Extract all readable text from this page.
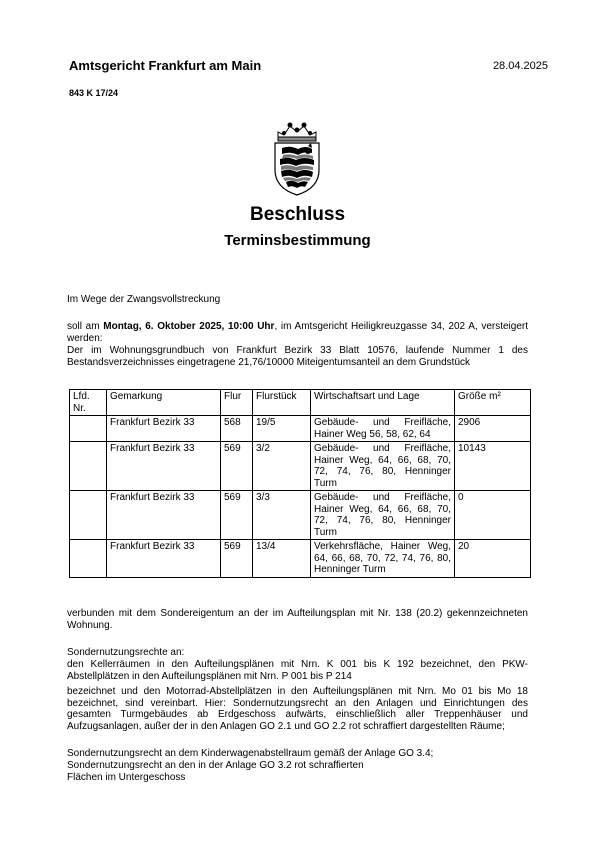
Amtsgericht Frankfurt am Main	28.04.2025
843 K 17/24
Beschluss
Terminsbestimmung
Im Wege der Zwangsvollstreckung
soll am Montag, 6. Oktober 2025, 10:00 Uhr, im Amtsgericht Heiligkreuzgasse 34, 202 A, versteigert werden:
Der im Wohnungsgrundbuch von Frankfurt Bezirk 33 Blatt 10576, laufende Nummer 1 des Bestandsverzeichnisses eingetragene 21,76/10000 Miteigentumsanteil an dem Grundstück
Lfd. Nr.	Gemarkung	Flur	Flurstück	Wirtschaftsart und Lage	Größe m²
	Frankfurt Bezirk 33	568	19/5	Gebäude- und Freifläche, Hainer Weg 56, 58, 62, 64	2906
	Frankfurt Bezirk 33	569	3/2	Gebäude- und Freifläche, Hainer Weg, 64, 66, 68, 70, 72, 74, 76, 80, Henninger Turm	10143
	Frankfurt Bezirk 33	569	3/3	Gebäude- und Freifläche, Hainer Weg, 64, 66, 68, 70, 72, 74, 76, 80, Henninger Turm	0
	Frankfurt Bezirk 33	569	13/4	Verkehrsfläche, Hainer Weg, 64, 66, 68, 70, 72, 74, 76, 80, Henninger Turm	20
verbunden mit dem Sondereigentum an der im Aufteilungsplan mit Nr. 138 (20.2) gekennzeichneten Wohnung.
Sondernutzungsrechte an:
den Kellerräumen in den Aufteilungsplänen mit Nrn. K 001 bis K 192 bezeichnet, den PKW-Abstellplätzen in den Aufteilungsplänen mit Nrn. P 001 bis P 214
bezeichnet und den Motorrad-Abstellplätzen in den Aufteilungsplänen mit Nrn. Mo 01 bis Mo 18 bezeichnet, sind vereinbart. Hier: Sondernutzungsrecht an den Anlagen und Einrichtungen des gesamten Turmgebäudes ab Erdgeschoss aufwärts, einschließlich aller Treppenhäuser und Aufzugsanlagen, außer der in den Anlagen GO 2.1 und GO 2.2 rot schraffiert dargestellten Räume;
Sondernutzungsrecht an dem Kinderwagenabstellraum gemäß der Anlage GO 3.4;
Sondernutzungsrecht an den in der Anlage GO 3.2 rot schraffierten
Flächen im Untergeschoss
